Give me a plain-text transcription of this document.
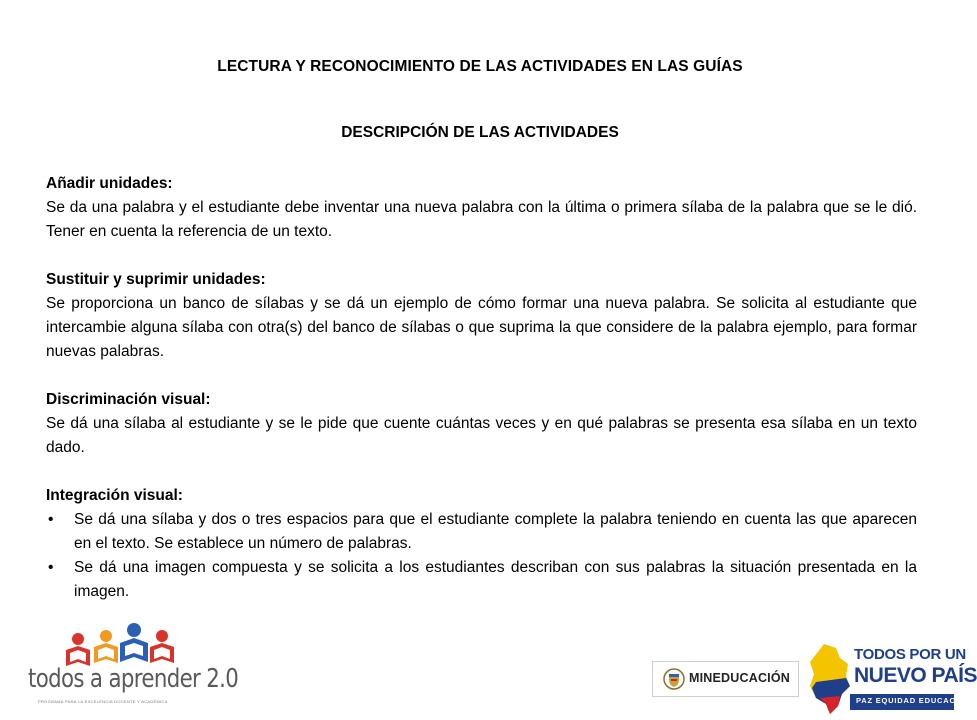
LECTURA Y RECONOCIMIENTO DE LAS ACTIVIDADES EN LAS GUÍAS
DESCRIPCIÓN DE LAS ACTIVIDADES
Añadir unidades:

Se da una palabra y el estudiante debe inventar una nueva palabra con la última o primera sílaba de la palabra que se le dió. Tener en cuenta la referencia de un texto.

Sustituir y suprimir unidades:

Se proporciona un banco de sílabas y se dá un ejemplo de cómo formar una nueva palabra. Se solicita al estudiante que intercambie alguna sílaba con otra(s) del banco de sílabas o que suprima la que considere de la palabra ejemplo, para formar nuevas palabras.

Discriminación visual:

Se dá una sílaba al estudiante y se le pide que cuente cuántas veces y en qué palabras se presenta esa sílaba en un texto dado.

Integración visual:
• Se dá una sílaba y dos o tres espacios para que el estudiante complete la palabra teniendo en cuenta las que aparecen en el texto. Se establece un número de palabras.
• Se dá una imagen compuesta y se solicita a los estudiantes describan con sus palabras la situación presentada en la imagen.
todos a aprender 2.0
PROGRAMA PARA LA EXCELENCIA DOCENTE Y ACADÉMICA
MINEDUCACIÓN
TODOS POR UN
NUEVO PAÍS
PAZ EQUIDAD EDUCACIÓN
